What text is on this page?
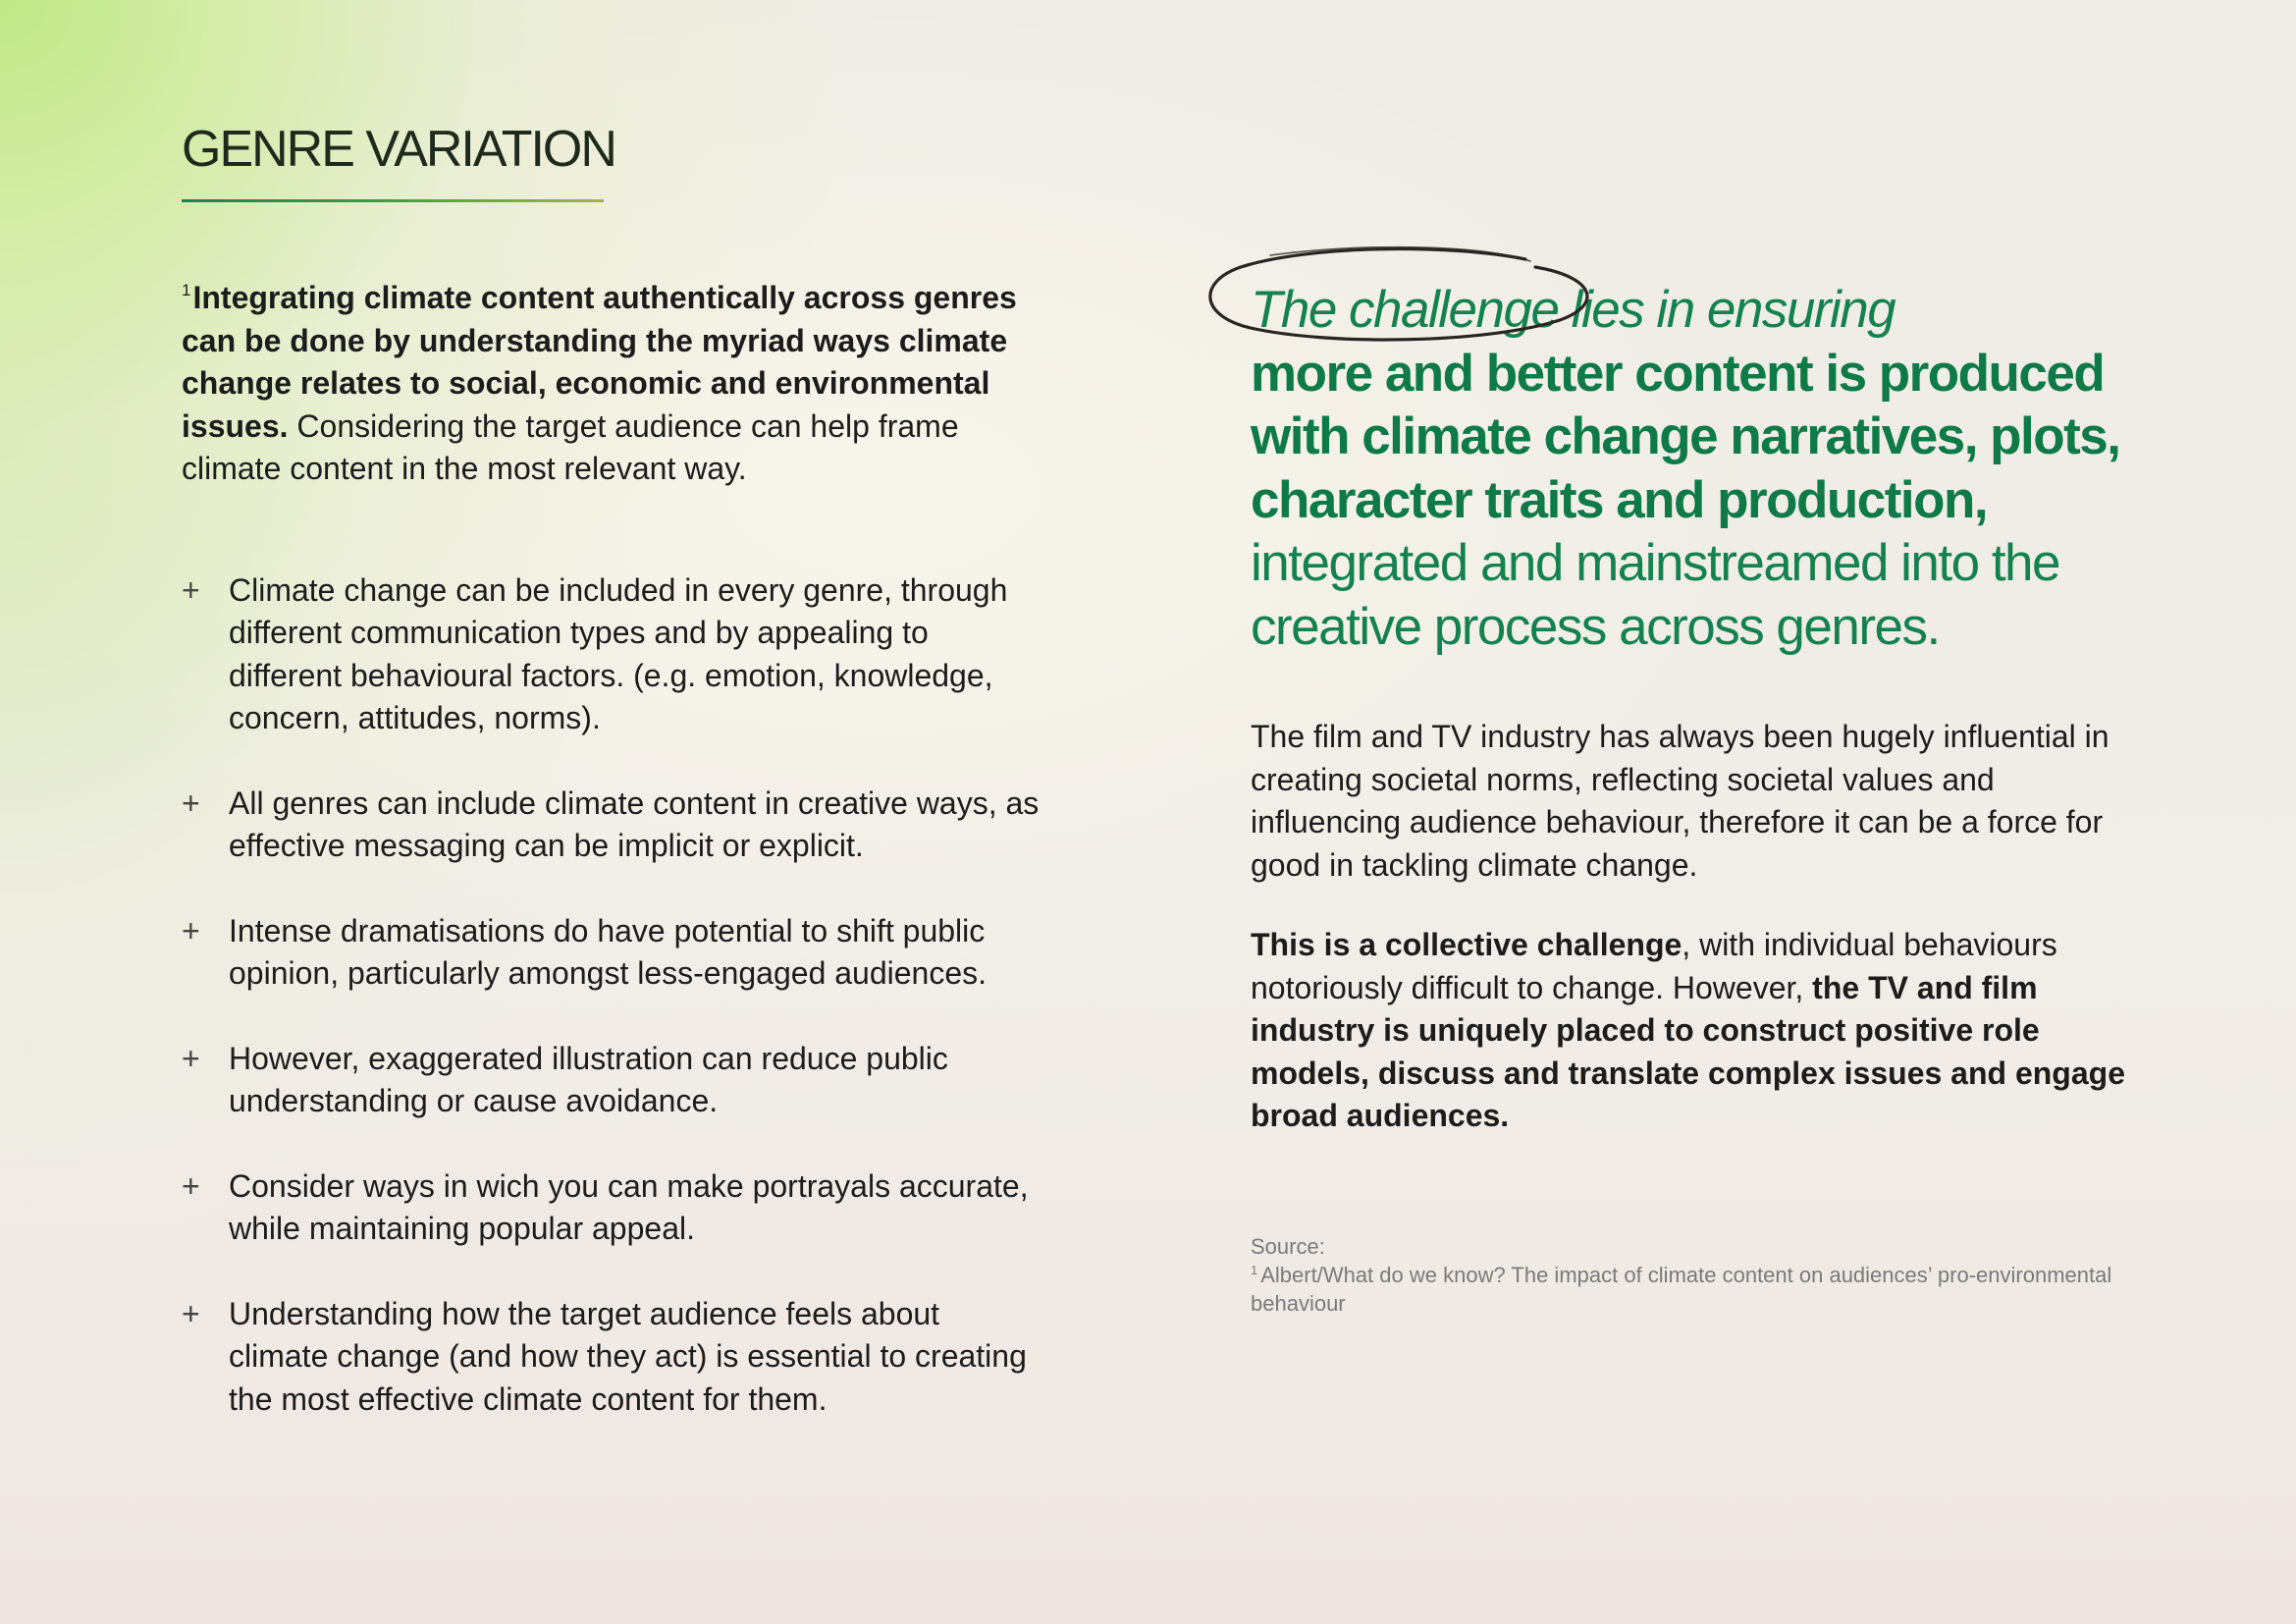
GENRE VARIATION

$^1$Integrating climate content authentically across genres can be done by understanding the myriad ways climate change relates to social, economic and environmental issues. Considering the target audience can help frame climate content in the most relevant way.

+ Climate change can be included in every genre, through different communication types and by appealing to different behavioural factors. (e.g. emotion, knowledge, concern, attitudes, norms).
+ All genres can include climate content in creative ways, as effective messaging can be implicit or explicit.
+ Intense dramatisations do have potential to shift public opinion, particularly amongst less-engaged audiences.
+ However, exaggerated illustration can reduce public understanding or cause avoidance.
+ Consider ways in wich you can make portrayals accurate, while maintaining popular appeal.
+ Understanding how the target audience feels about climate change (and how they act) is essential to creating the most effective climate content for them.

The challenge lies in ensuring
more and better content is produced with climate change narratives, plots, character traits and production, integrated and mainstreamed into the creative process across genres.

The film and TV industry has always been hugely influential in creating societal norms, reflecting societal values and influencing audience behaviour, therefore it can be a force for good in tackling climate change.

This is a collective challenge, with individual behaviours notoriously difficult to change. However, the TV and film industry is uniquely placed to construct positive role models, discuss and translate complex issues and engage broad audiences.

Source:
$^1$ Albert/What do we know? The impact of climate content on audiences’ pro-environmental behaviour
